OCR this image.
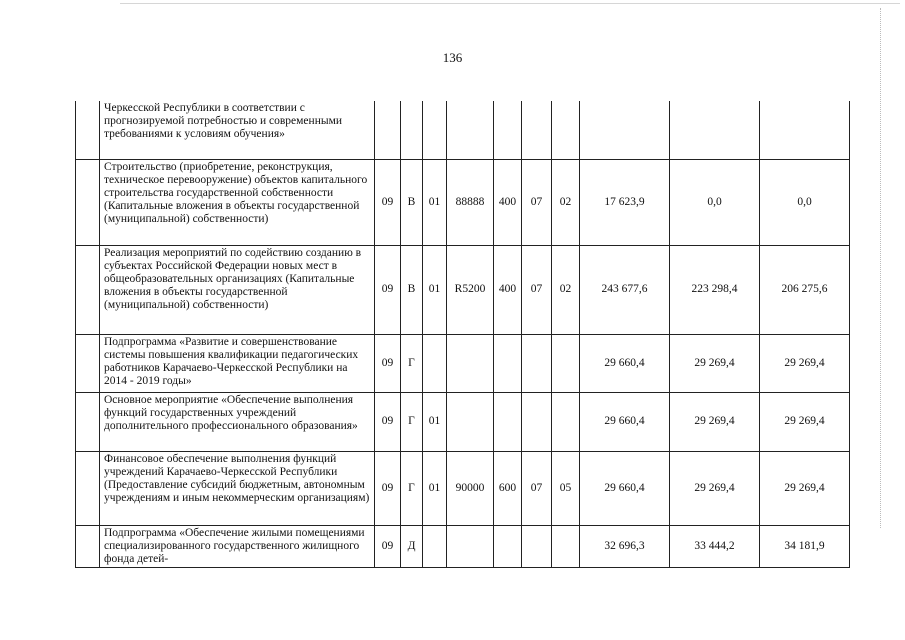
136
	Черкесской Республики в соответствии с прогнозируемой потребностью и современными требованиями к условиям обучения»										
	Строительство (приобретение, реконструкция, техническое перевооружение) объектов капитального строительства государственной собственности (Капитальные вложения в объекты государственной (муниципальной) собственности)	09	В	01	88888	400	07	02	17 623,9	0,0	0,0
	Реализация мероприятий по содействию созданию в субъектах Российской Федерации новых мест в общеобразовательных организациях (Капитальные вложения в объекты государственной (муниципальной) собственности)	09	В	01	R5200	400	07	02	243 677,6	223 298,4	206 275,6
	Подпрограмма «Развитие и совершенствование системы повышения квалификации педагогических работников Карачаево-Черкесской Республики на 2014 - 2019 годы»	09	Г						29 660,4	29 269,4	29 269,4
	Основное мероприятие «Обеспечение выполнения функций государственных учреждений дополнительного профессионального образования»	09	Г	01					29 660,4	29 269,4	29 269,4
	Финансовое обеспечение выполнения функций учреждений Карачаево-Черкесской Республики (Предоставление субсидий бюджетным, автономным учреждениям и иным некоммерческим организациям)	09	Г	01	90000	600	07	05	29 660,4	29 269,4	29 269,4
	Подпрограмма «Обеспечение жилыми помещениями специализированного государственного жилищного фонда детей-	09	Д						32 696,3	33 444,2	34 181,9
